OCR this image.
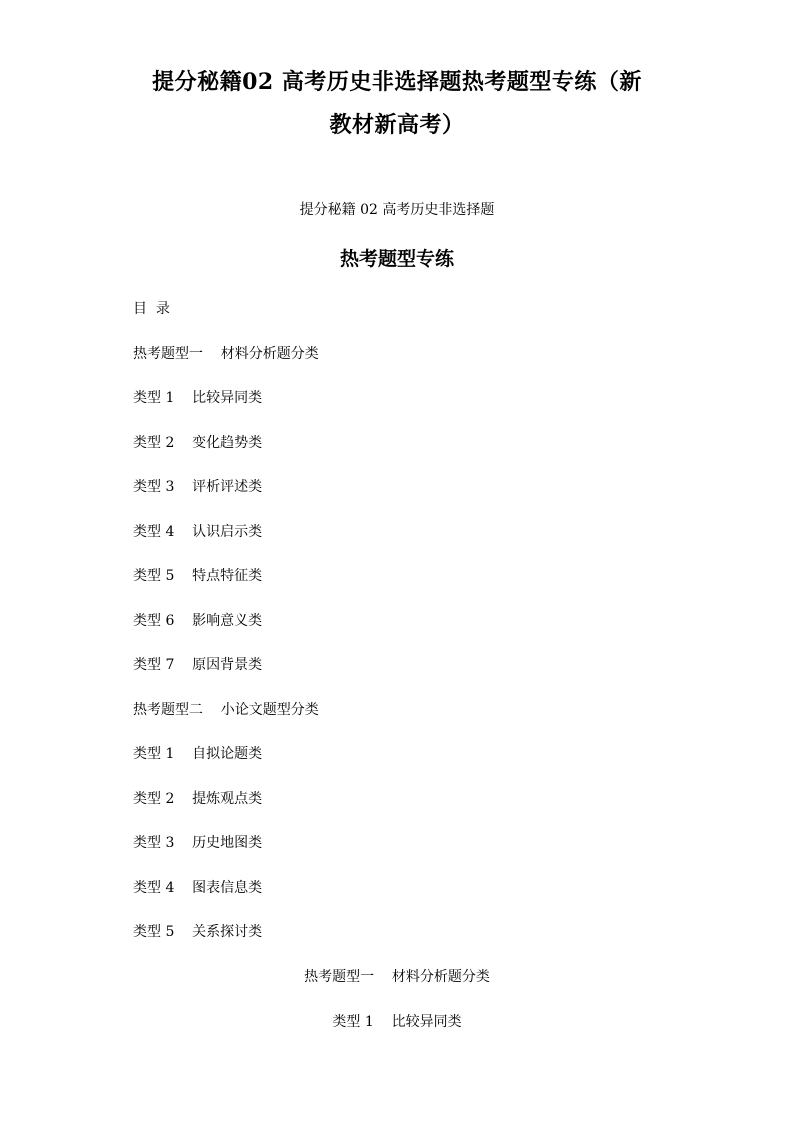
提分秘籍02 高考历史非选择题热考题型专练（新
教材新高考）
提分秘籍 02 高考历史非选择题
热考题型专练
目  录
热考题型一    材料分析题分类
类型 1    比较异同类
类型 2    变化趋势类
类型 3    评析评述类
类型 4    认识启示类
类型 5    特点特征类
类型 6    影响意义类
类型 7    原因背景类
热考题型二    小论文题型分类
类型 1    自拟论题类
类型 2    提炼观点类
类型 3    历史地图类
类型 4    图表信息类
类型 5    关系探讨类
热考题型一    材料分析题分类
类型 1    比较异同类
